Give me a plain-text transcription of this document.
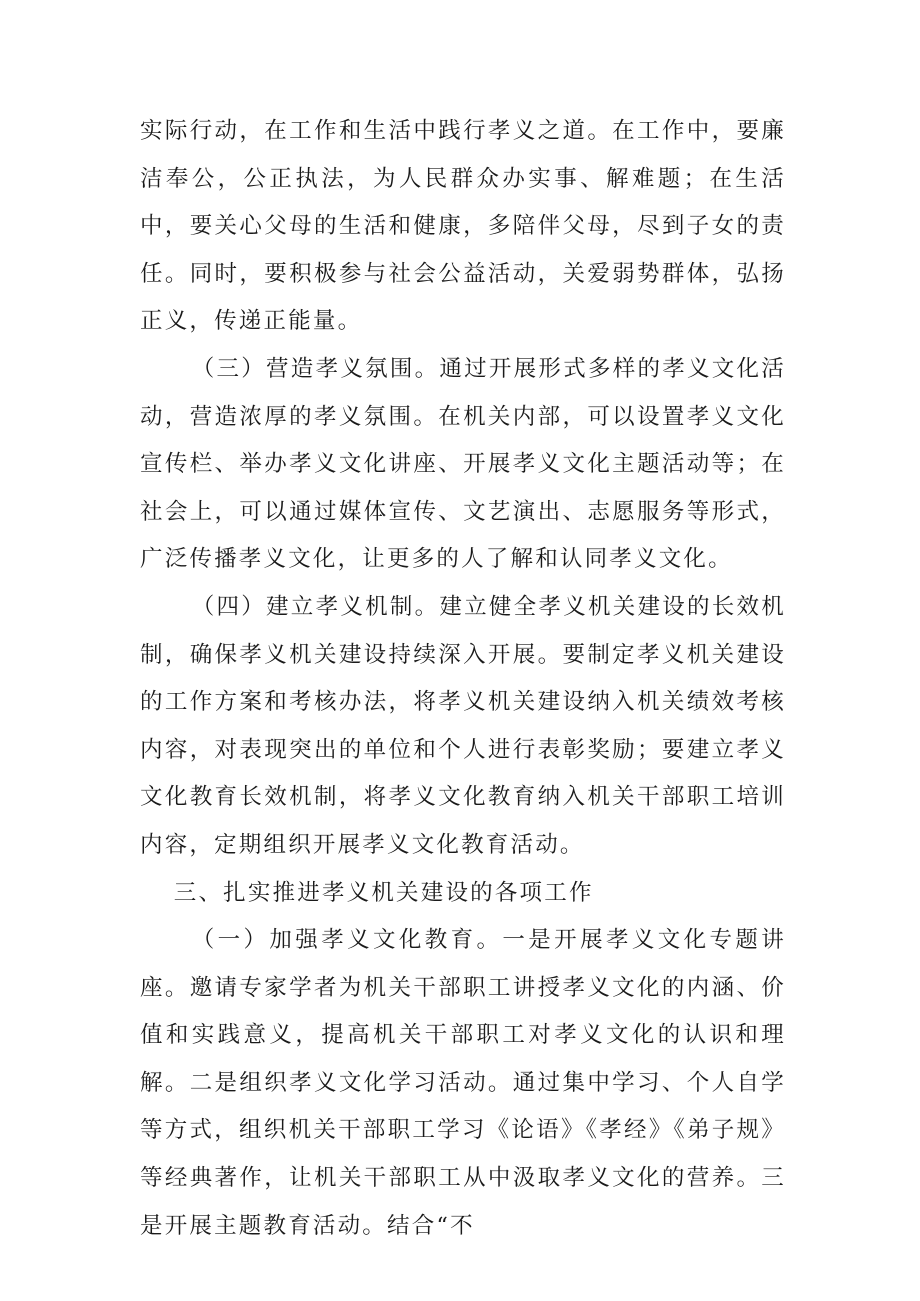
实际行动，在工作和生活中践行孝义之道。在工作中，要廉洁奉公，公正执法，为人民群众办实事、解难题；在生活中，要关心父母的生活和健康，多陪伴父母，尽到子女的责任。同时，要积极参与社会公益活动，关爱弱势群体，弘扬正义，传递正能量。

（三）营造孝义氛围。通过开展形式多样的孝义文化活动，营造浓厚的孝义氛围。在机关内部，可以设置孝义文化宣传栏、举办孝义文化讲座、开展孝义文化主题活动等；在社会上，可以通过媒体宣传、文艺演出、志愿服务等形式，广泛传播孝义文化，让更多的人了解和认同孝义文化。

（四）建立孝义机制。建立健全孝义机关建设的长效机制，确保孝义机关建设持续深入开展。要制定孝义机关建设的工作方案和考核办法，将孝义机关建设纳入机关绩效考核内容，对表现突出的单位和个人进行表彰奖励；要建立孝义文化教育长效机制，将孝义文化教育纳入机关干部职工培训内容，定期组织开展孝义文化教育活动。

三、扎实推进孝义机关建设的各项工作

（一）加强孝义文化教育。一是开展孝义文化专题讲座。邀请专家学者为机关干部职工讲授孝义文化的内涵、价值和实践意义，提高机关干部职工对孝义文化的认识和理解。二是组织孝义文化学习活动。通过集中学习、个人自学等方式，组织机关干部职工学习《论语》《孝经》《弟子规》等经典著作，让机关干部职工从中汲取孝义文化的营养。三是开展主题教育活动。结合“不
